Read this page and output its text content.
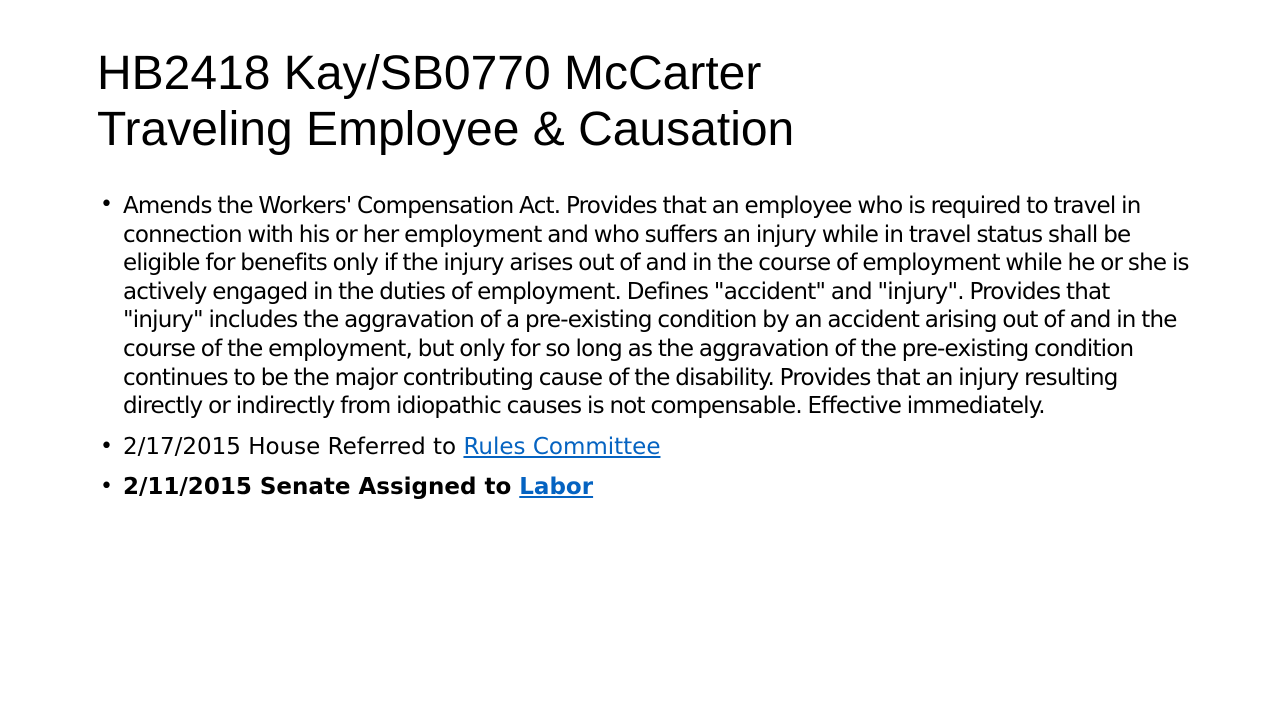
HB2418 Kay/SB0770 McCarter
Traveling Employee & Causation
• Amends the Workers' Compensation Act. Provides that an employee who is required to travel in connection with his or her employment and who suffers an injury while in travel status shall be eligible for benefits only if the injury arises out of and in the course of employment while he or she is actively engaged in the duties of employment. Defines "accident" and "injury". Provides that "injury" includes the aggravation of a pre-existing condition by an accident arising out of and in the course of the employment, but only for so long as the aggravation of the pre-existing condition continues to be the major contributing cause of the disability. Provides that an injury resulting directly or indirectly from idiopathic causes is not compensable. Effective immediately.
• 2/17/2015 House Referred to Rules Committee
• 2/11/2015 Senate Assigned to Labor
